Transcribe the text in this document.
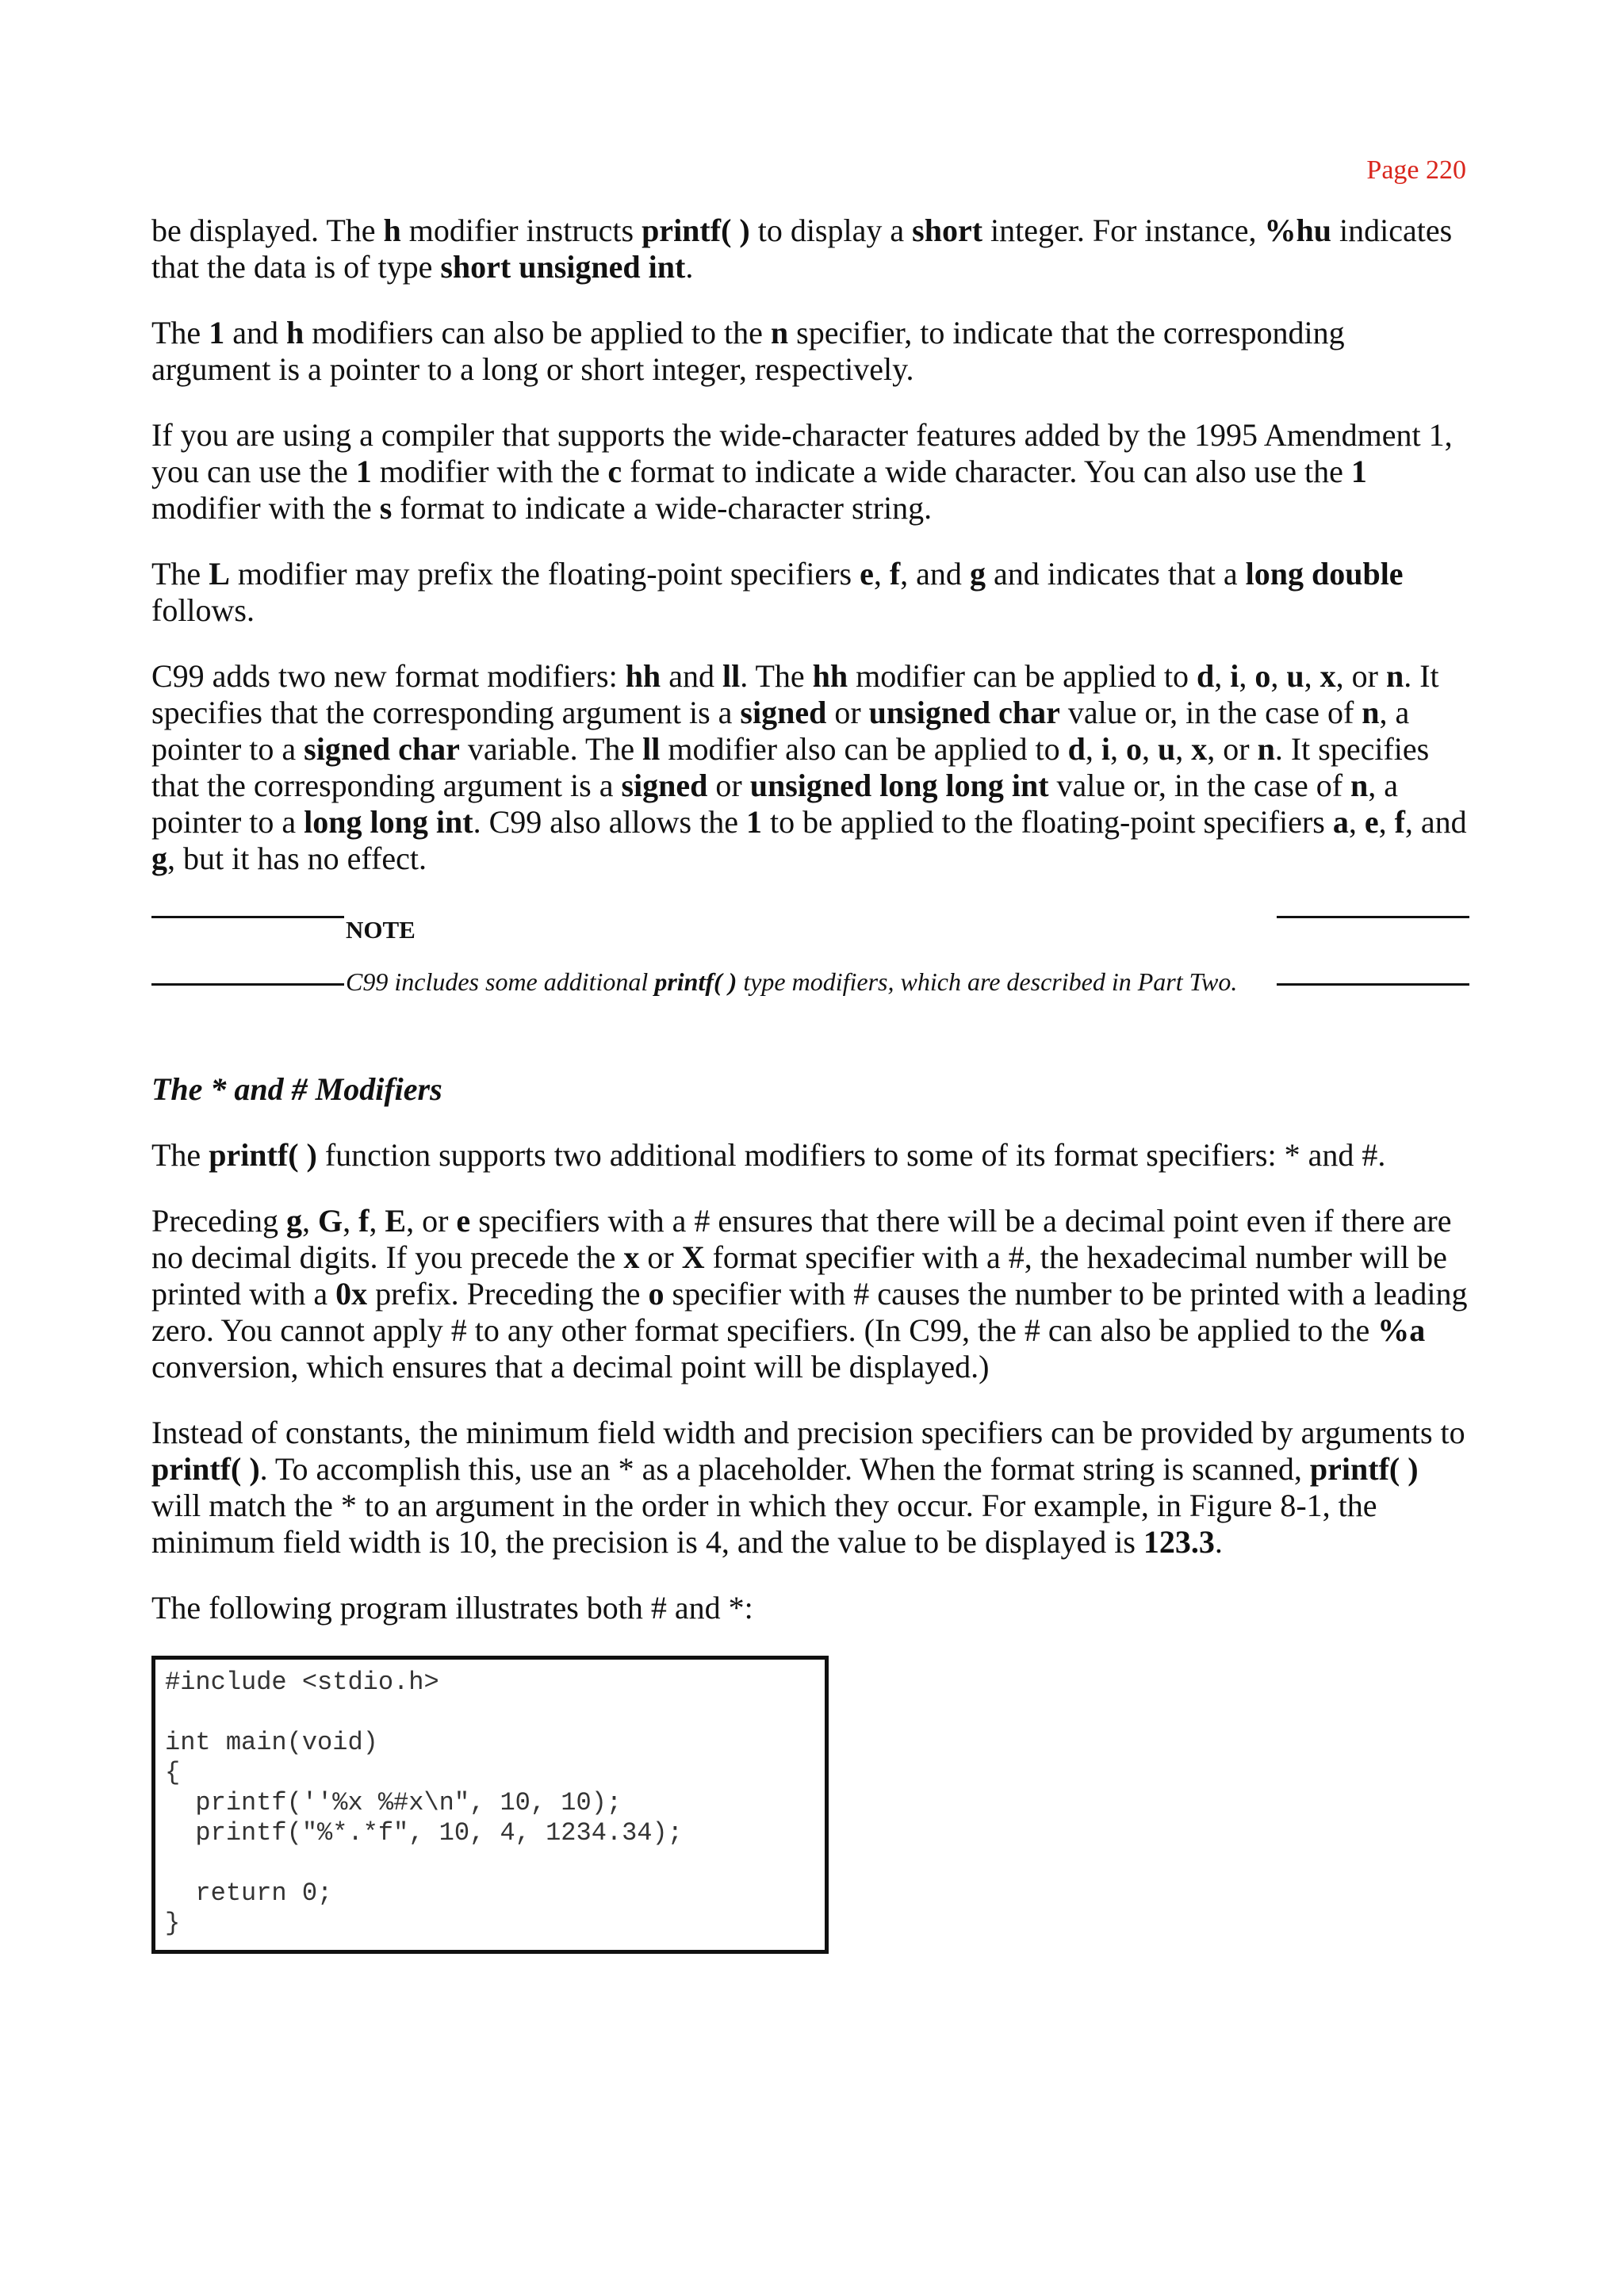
Page 220

be displayed. The h modifier instructs printf( ) to display a short integer. For instance, %hu indicates that the data is of type short unsigned int.

The 1 and h modifiers can also be applied to the n specifier, to indicate that the corresponding argument is a pointer to a long or short integer, respectively.

If you are using a compiler that supports the wide-character features added by the 1995 Amendment 1, you can use the 1 modifier with the c format to indicate a wide character. You can also use the 1 modifier with the s format to indicate a wide-character string.

The L modifier may prefix the floating-point specifiers e, f, and g and indicates that a long double follows.

C99 adds two new format modifiers: hh and ll. The hh modifier can be applied to d, i, o, u, x, or n. It specifies that the corresponding argument is a signed or unsigned char value or, in the case of n, a pointer to a signed char variable. The ll modifier also can be applied to d, i, o, u, x, or n. It specifies that the corresponding argument is a signed or unsigned long long int value or, in the case of n, a pointer to a long long int. C99 also allows the 1 to be applied to the floating-point specifiers a, e, f, and g, but it has no effect.

NOTE
C99 includes some additional printf( ) type modifiers, which are described in Part Two.
The * and # Modifiers

The printf( ) function supports two additional modifiers to some of its format specifiers: * and #.

Preceding g, G, f, E, or e specifiers with a # ensures that there will be a decimal point even if there are no decimal digits. If you precede the x or X format specifier with a #, the hexadecimal number will be printed with a 0x prefix. Preceding the o specifier with # causes the number to be printed with a leading zero. You cannot apply # to any other format specifiers. (In C99, the # can also be applied to the %a conversion, which ensures that a decimal point will be displayed.)

Instead of constants, the minimum field width and precision specifiers can be provided by arguments to printf( ). To accomplish this, use an * as a placeholder. When the format string is scanned, printf( ) will match the * to an argument in the order in which they occur. For example, in Figure 8-1, the minimum field width is 10, the precision is 4, and the value to be displayed is 123.3.

The following program illustrates both # and *:

#include <stdio.h>
int main(void)
{
printf(''%x %#x\n", 10, 10);
printf("%*.*f", 10, 4, 1234.34);
return 0;
}
